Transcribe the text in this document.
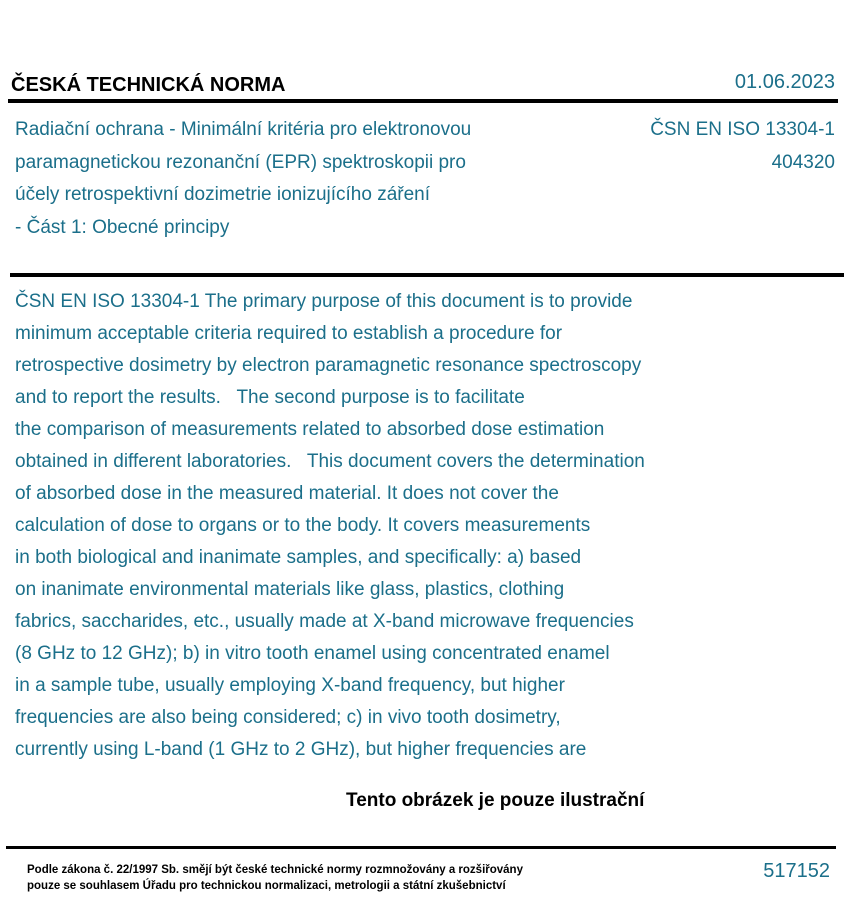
ČESKÁ TECHNICKÁ NORMA	01.06.2023
Radiační ochrana - Minimální kritéria pro elektronovou
paramagnetickou rezonanční (EPR) spektroskopii pro
účely retrospektivní dozimetrie ionizujícího záření
- Část 1: Obecné principy
ČSN EN ISO 13304-1
404320
ČSN EN ISO 13304-1 The primary purpose of this document is to provide
minimum acceptable criteria required to establish a procedure for
retrospective dosimetry by electron paramagnetic resonance spectroscopy
and to report the results.   The second purpose is to facilitate
the comparison of measurements related to absorbed dose estimation
obtained in different laboratories.   This document covers the determination
of absorbed dose in the measured material. It does not cover the
calculation of dose to organs or to the body. It covers measurements
in both biological and inanimate samples, and specifically: a) based
on inanimate environmental materials like glass, plastics, clothing
fabrics, saccharides, etc., usually made at X-band microwave frequencies
(8 GHz to 12 GHz); b) in vitro tooth enamel using concentrated enamel
in a sample tube, usually employing X-band frequency, but higher
frequencies are also being considered; c) in vivo tooth dosimetry,
currently using L-band (1 GHz to 2 GHz), but higher frequencies are
Tento obrázek je pouze ilustrační
Podle zákona č. 22/1997 Sb. smějí být české technické normy rozmnožovány a rozšiřovány
pouze se souhlasem Úřadu pro technickou normalizaci, metrologii a státní zkušebnictví
517152
